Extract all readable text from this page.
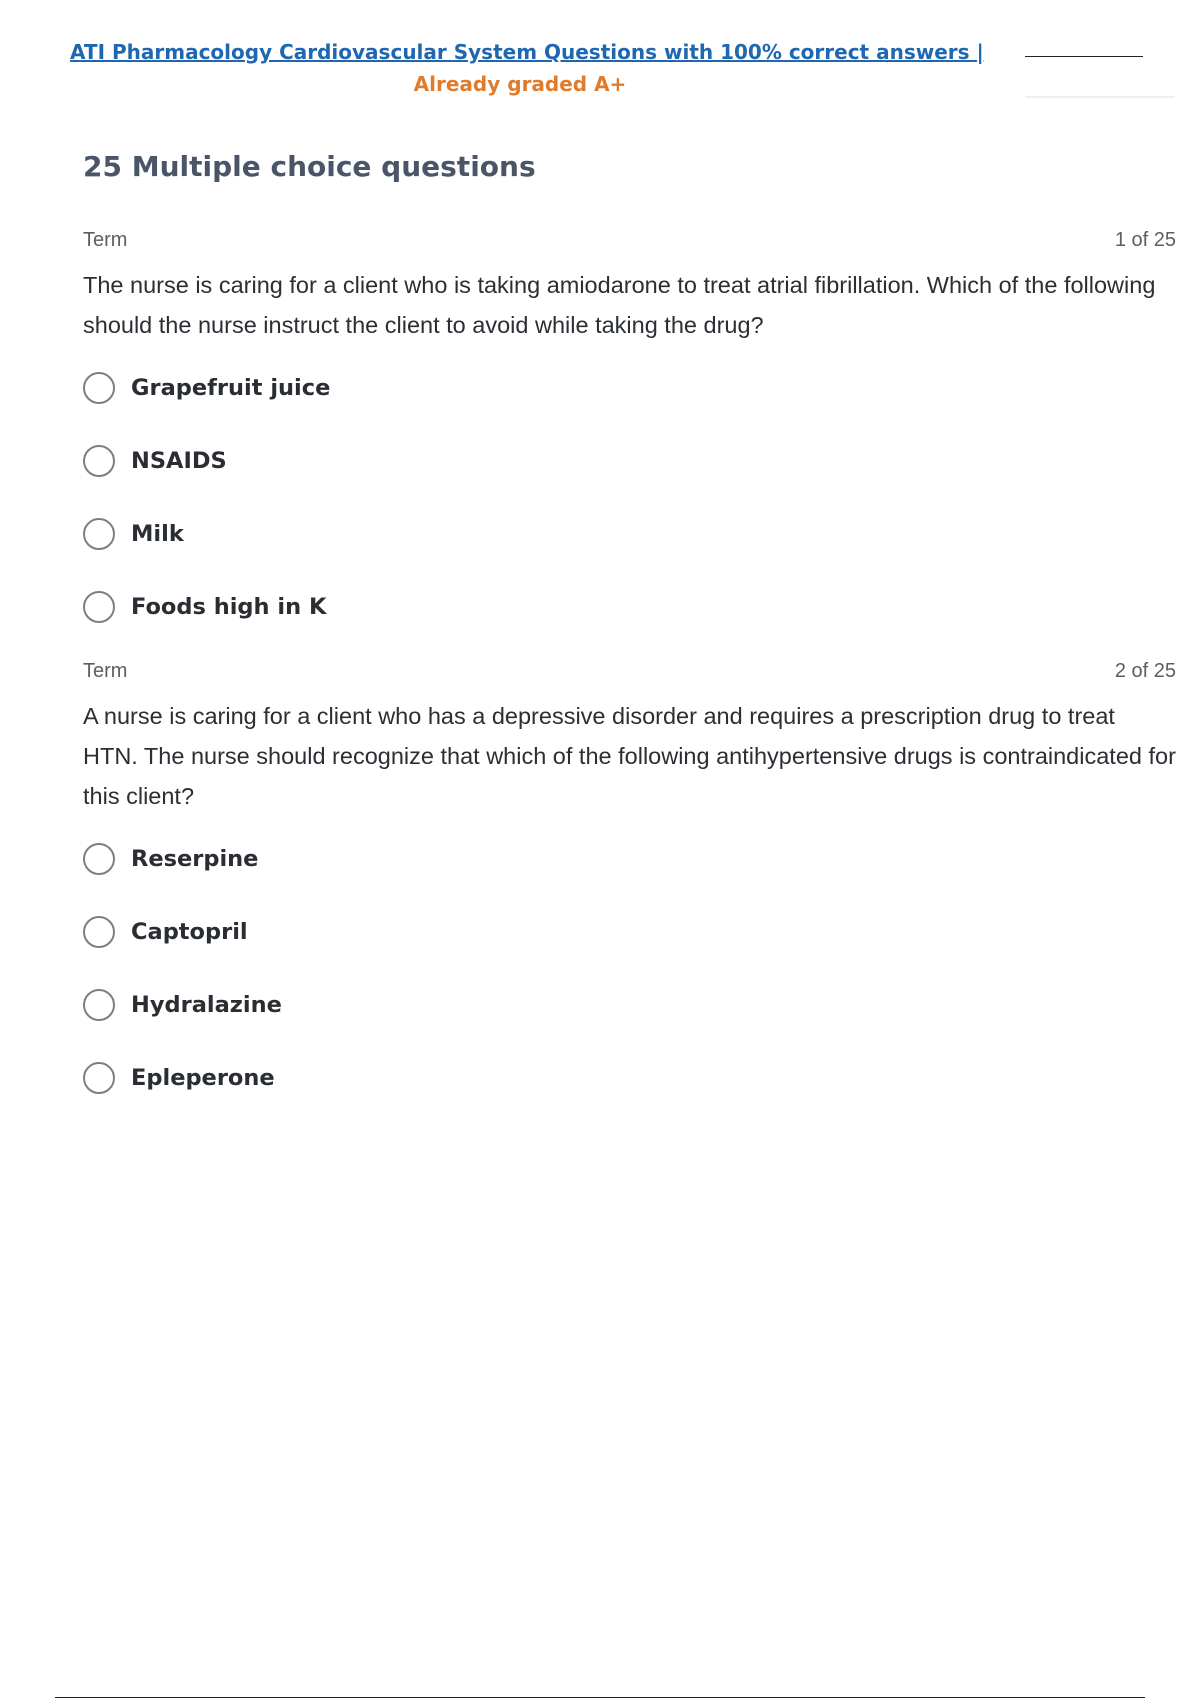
ATI Pharmacology Cardiovascular System Questions with 100% correct answers |
Already graded A+
25 Multiple choice questions
Term	1 of 25
The nurse is caring for a client who is taking amiodarone to treat atrial fibrillation. Which of the following should the nurse instruct the client to avoid while taking the drug?
Grapefruit juice
NSAIDS
Milk
Foods high in K
Term	2 of 25
A nurse is caring for a client who has a depressive disorder and requires a prescription drug to treat HTN. The nurse should recognize that which of the following antihypertensive drugs is contraindicated for this client?
Reserpine
Captopril
Hydralazine
Epleperone
